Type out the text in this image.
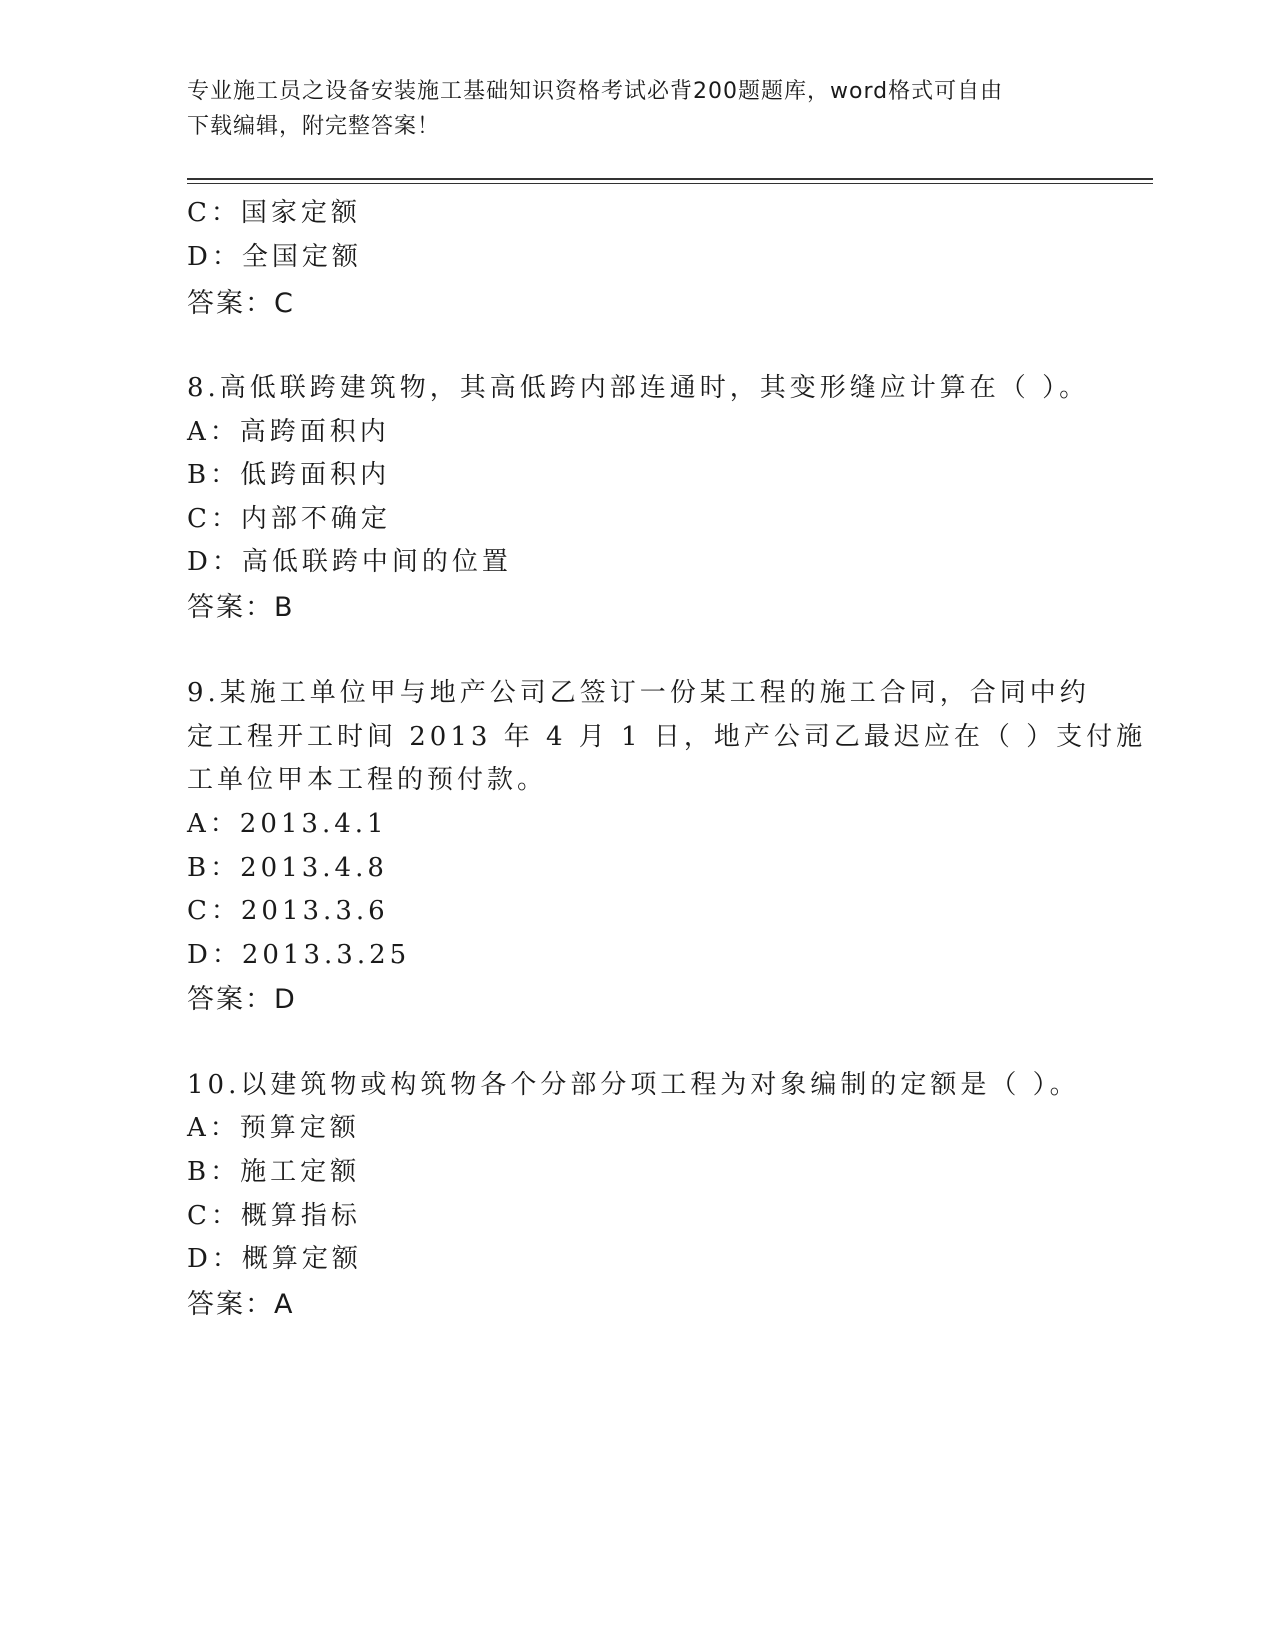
专业施工员之设备安装施工基础知识资格考试必背200题题库，word格式可自由
下载编辑，附完整答案！
C：国家定额
D：全国定额
答案：C
8.高低联跨建筑物，其高低跨内部连通时，其变形缝应计算在（ ）。
A：高跨面积内
B：低跨面积内
C：内部不确定
D：高低联跨中间的位置
答案：B
9.某施工单位甲与地产公司乙签订一份某工程的施工合同，合同中约
定工程开工时间 2013 年 4 月 1 日，地产公司乙最迟应在（ ）支付施
工单位甲本工程的预付款。
A：2013.4.1
B：2013.4.8
C：2013.3.6
D：2013.3.25
答案：D
10.以建筑物或构筑物各个分部分项工程为对象编制的定额是（ ）。
A：预算定额
B：施工定额
C：概算指标
D：概算定额
答案：A
